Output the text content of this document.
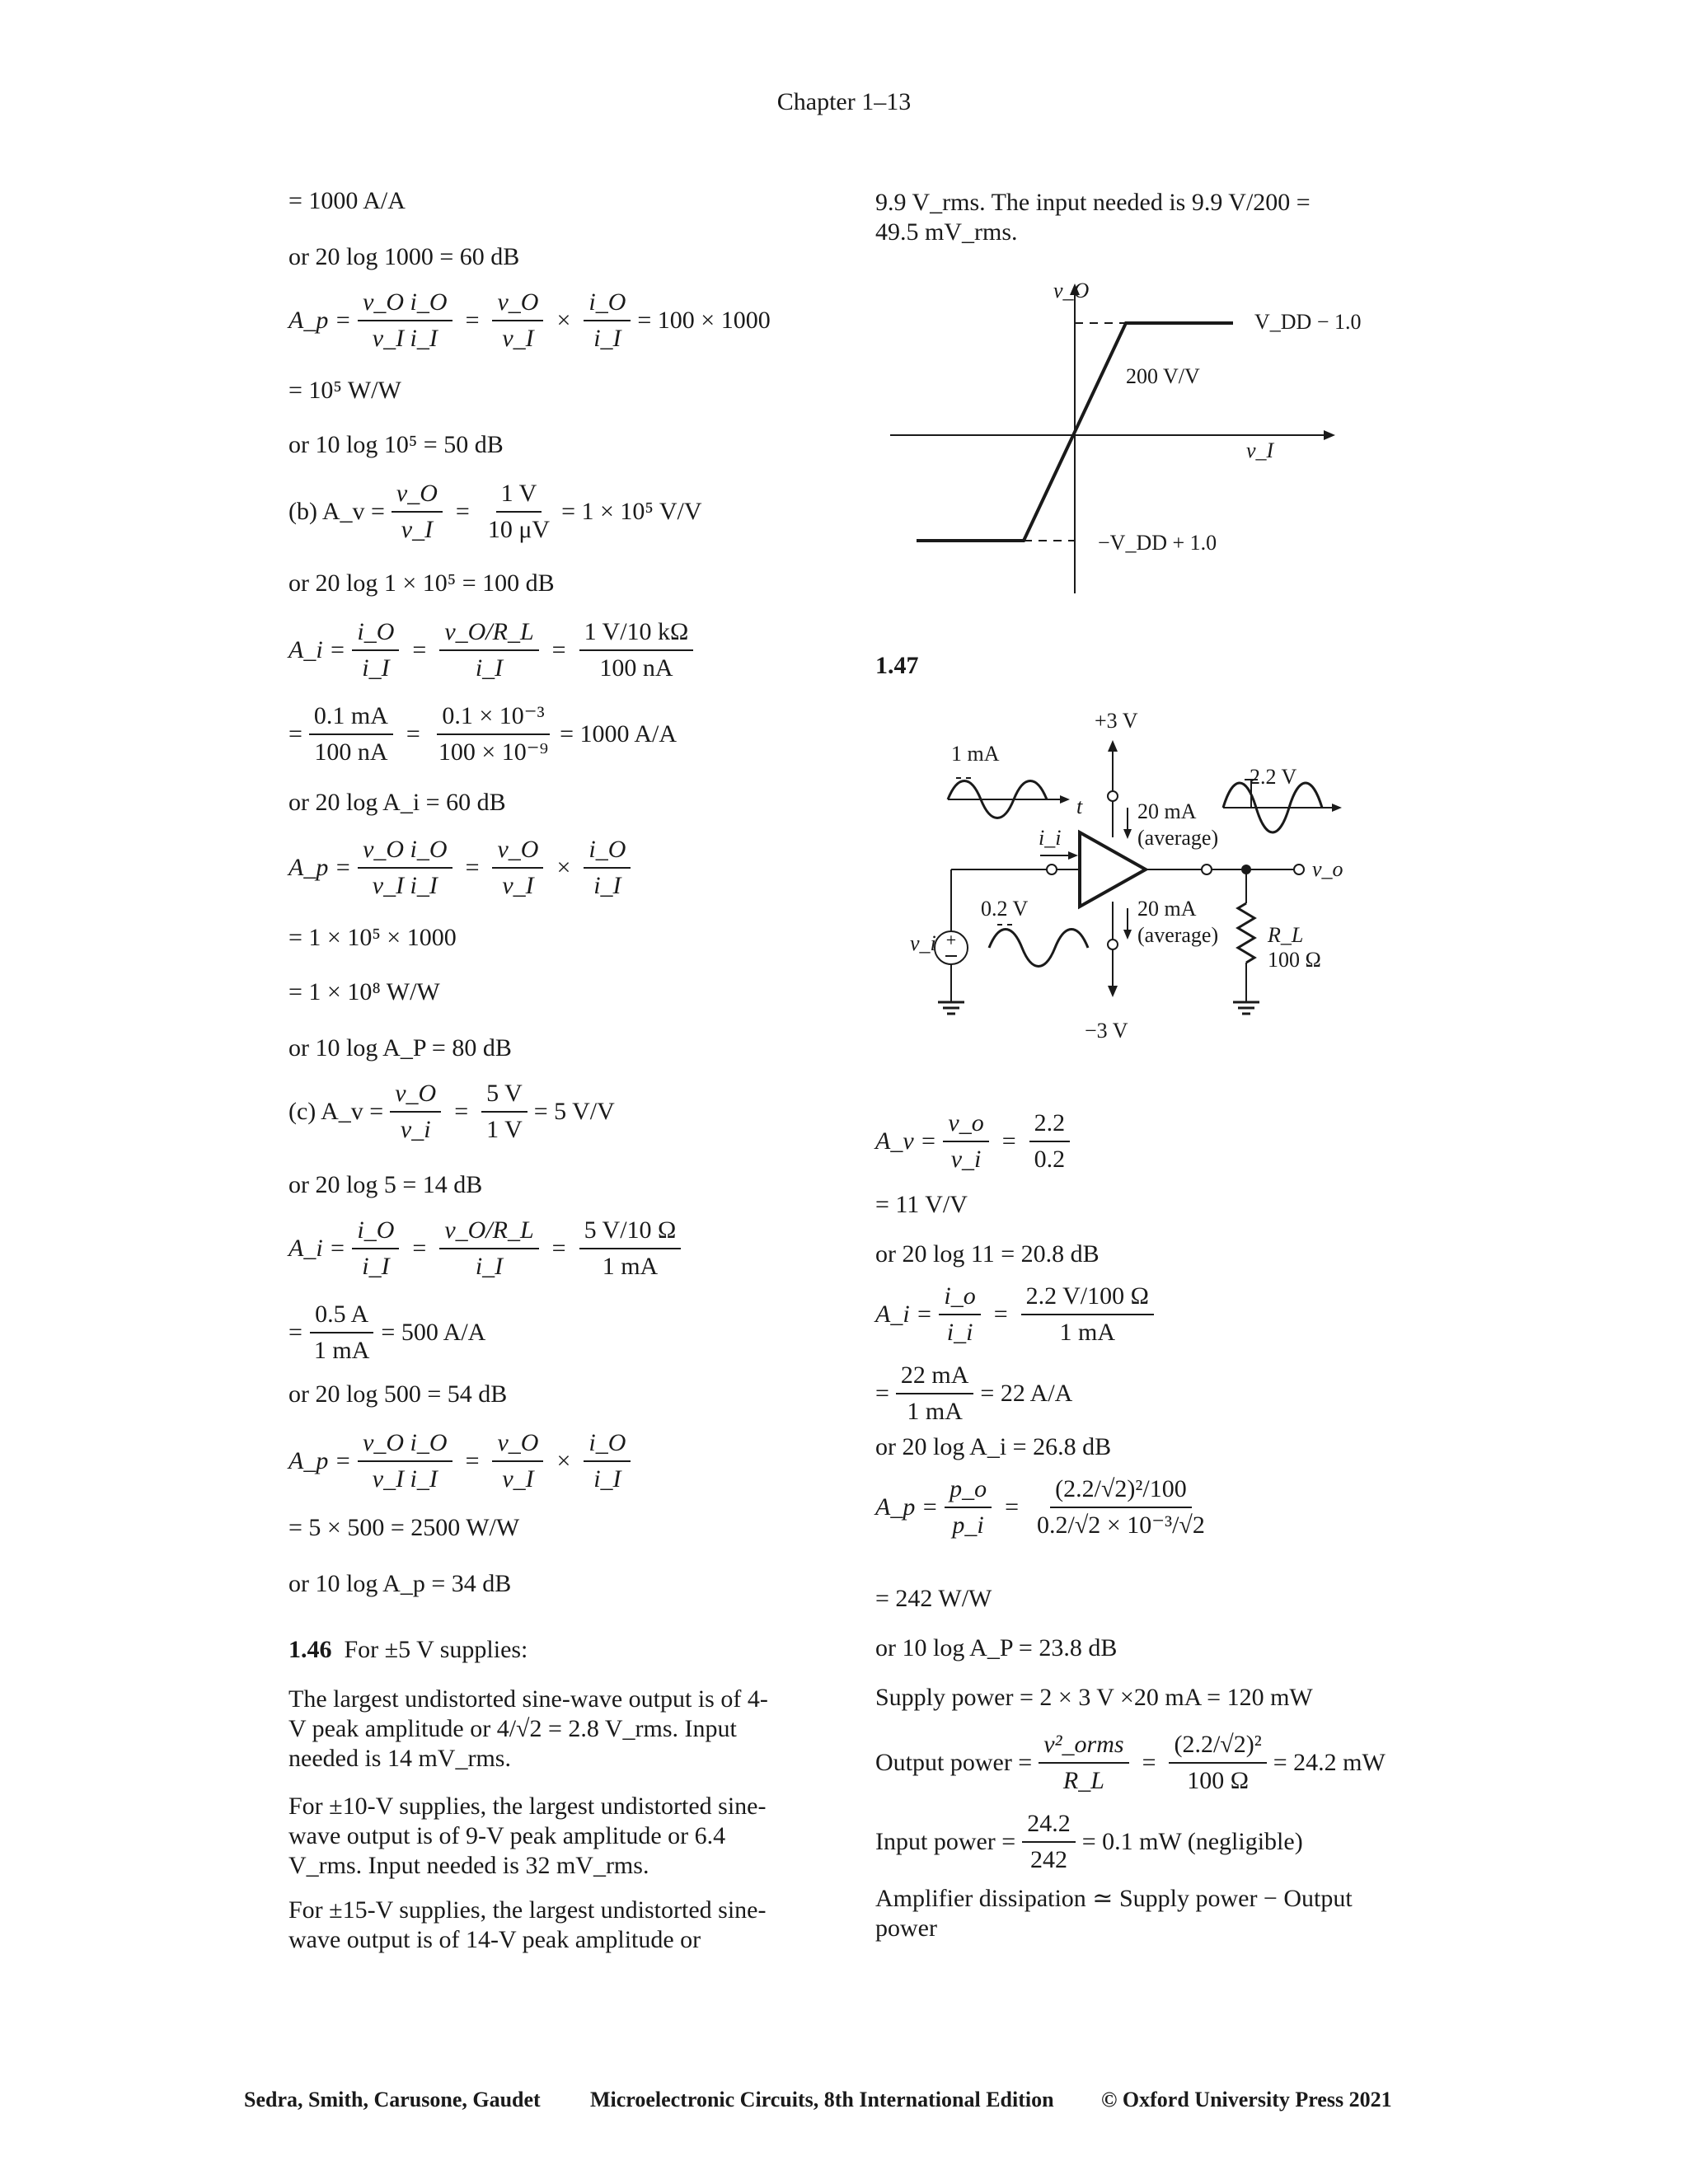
Chapter 1–13
= 1000 A/A
or 20 log 1000 = 60 dB
A_p = $\frac{\text{v\_O i\_O}}{\text{v\_I i\_I}} = \frac{v\_O}{v\_I} \times \frac{i\_O}{i\_I} = 100 \times 1000$
= 10⁵ W/W
or 10 log 10⁵ = 50 dB
(b) A_v = $\frac{v\_O}{v\_I} = \frac{1 V}{10 \mu V} = 1 \times 10^5$ V/V
or 20 log 1 × 10⁵ = 100 dB
A_i = $\frac{i\_O}{i\_I} = \frac{v\_O/R\_L}{i\_I} = \frac{1 V/10 k\Omega}{100 nA}$
= $\frac{0.1 mA}{100 nA} = \frac{\text{0.1 × 10⁻³}}{\text{100 × 10⁻⁹}} = 1000$ A/A
or 20 log A_i = 60 dB
A_p = $\frac{\text{v\_O i\_O}}{\text{v\_I i\_I}} = \frac{v\_O}{v\_I} \times \frac{i\_O}{i\_I}$
= 1 × 10⁵ × 1000
= 1 × 10⁸ W/W
or 10 log A_P = 80 dB
(c) A_v = $\frac{v\_O}{v\_i} = \frac{5 V}{1 V} = 5$ V/V
or 20 log 5 = 14 dB
A_i = $\frac{i\_O}{i\_I} = \frac{v\_O/R\_L}{i\_I} = \frac{5 V/10 \Omega}{1 mA}$
= $\frac{0.5 A}{1 mA} = 500$ A/A
or 20 log 500 = 54 dB
A_p = $\frac{\text{v\_O i\_O}}{\text{v\_I i\_I}} = \frac{v\_O}{v\_I} \times \frac{i\_O}{i\_I}$
= 5 × 500 = 2500 W/W
or 10 log A_p = 34 dB
1.46 For ±5 V supplies:
The largest undistorted sine-wave output is of 4-V peak amplitude or 4/√2 = 2.8 V_rms. Input needed is 14 mV_rms.
For ±10-V supplies, the largest undistorted sine-wave output is of 9-V peak amplitude or 6.4 V_rms. Input needed is 32 mV_rms.
For ±15-V supplies, the largest undistorted sine-wave output is of 14-V peak amplitude or
9.9 V_rms. The input needed is 9.9 V/200 = 49.5 mV_rms.
v_O
v_I
V_DD − 1.0
200 V/V
−V_DD + 1.0
1.47
+
+3 V
−3 V
1 mA
t
i_i
20 mA
(average)
20 mA
(average)
2.2 V
v_o
v_i
0.2 V
R_L
100 Ω
A_v = $\frac{v\_o}{v\_i} = \frac{2.2}{0.2}$
= 11 V/V
or 20 log 11 = 20.8 dB
A_i = $\frac{i\_o}{i\_i} = \frac{2.2 V/100 \Omega}{1 mA}$
= $\frac{22 mA}{1 mA} = 22$ A/A
or 20 log A_i = 26.8 dB
A_p = $\frac{p\_o}{p\_i} = \frac{\text{(2.2/√2)²/100}}{\text{0.2/√2 × 10⁻³/√2}}$
= 242 W/W
or 10 log A_P = 23.8 dB
Supply power = 2 × 3 V ×20 mA = 120 mW
Output power = $\frac{\text{v²\_orms}}{R\_L} = \frac{\text{(2.2/√2)²}}{100 \Omega} = 24.2$ mW
Input power = $\frac{24.2}{242} = 0.1$ mW (negligible)
Amplifier dissipation ≃ Supply power − Output power
Sedra, Smith, Carusone, Gaudet Microelectronic Circuits, 8th International Edition © Oxford University Press 2021
